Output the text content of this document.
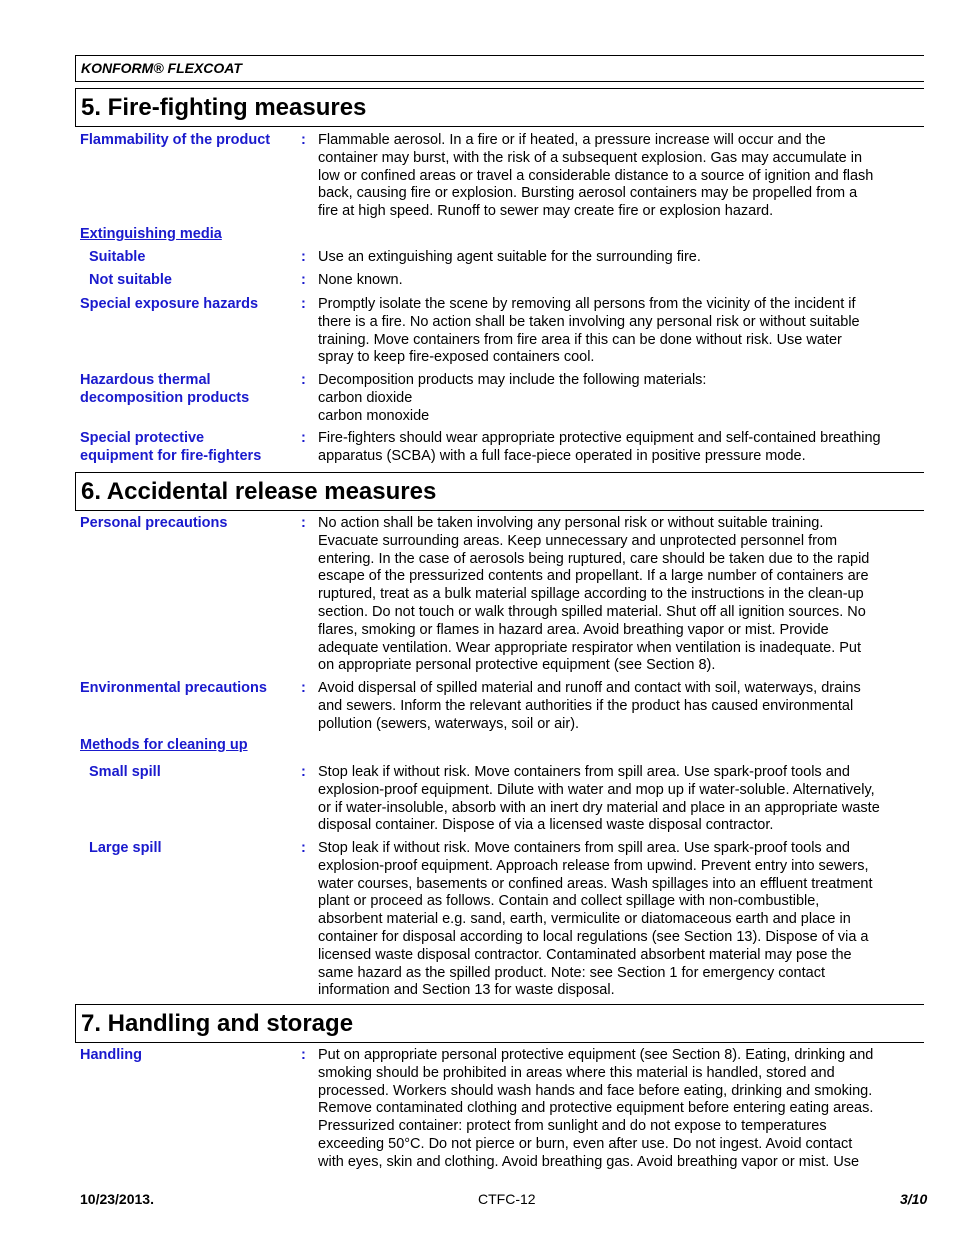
KONFORM® FLEXCOAT
5. Fire-fighting measures
Flammability of the product	: Flammable aerosol. In a fire or if heated, a pressure increase will occur and the
container may burst, with the risk of a subsequent explosion. Gas may accumulate in
low or confined areas or travel a considerable distance to a source of ignition and flash
back, causing fire or explosion. Bursting aerosol containers may be propelled from a
fire at high speed. Runoff to sewer may create fire or explosion hazard.
Extinguishing media
Suitable	: Use an extinguishing agent suitable for the surrounding fire.
Not suitable	: None known.
Special exposure hazards	: Promptly isolate the scene by removing all persons from the vicinity of the incident if
there is a fire. No action shall be taken involving any personal risk or without suitable
training. Move containers from fire area if this can be done without risk. Use water
spray to keep fire-exposed containers cool.
Hazardous thermal
decomposition products
: Decomposition products may include the following materials:
carbon dioxide
carbon monoxide
Special protective
equipment for fire-fighters
: Fire-fighters should wear appropriate protective equipment and self-contained breathing
apparatus (SCBA) with a full face-piece operated in positive pressure mode.
6. Accidental release measures
Personal precautions	: No action shall be taken involving any personal risk or without suitable training.
Evacuate surrounding areas. Keep unnecessary and unprotected personnel from
entering. In the case of aerosols being ruptured, care should be taken due to the rapid
escape of the pressurized contents and propellant. If a large number of containers are
ruptured, treat as a bulk material spillage according to the instructions in the clean-up
section. Do not touch or walk through spilled material. Shut off all ignition sources. No
flares, smoking or flames in hazard area. Avoid breathing vapor or mist. Provide
adequate ventilation. Wear appropriate respirator when ventilation is inadequate. Put
on appropriate personal protective equipment (see Section 8).
Environmental precautions	: Avoid dispersal of spilled material and runoff and contact with soil, waterways, drains
and sewers. Inform the relevant authorities if the product has caused environmental
pollution (sewers, waterways, soil or air).
Methods for cleaning up
Small spill	: Stop leak if without risk. Move containers from spill area. Use spark-proof tools and
explosion-proof equipment. Dilute with water and mop up if water-soluble. Alternatively,
or if water-insoluble, absorb with an inert dry material and place in an appropriate waste
disposal container. Dispose of via a licensed waste disposal contractor.
Large spill	: Stop leak if without risk. Move containers from spill area. Use spark-proof tools and
explosion-proof equipment. Approach release from upwind. Prevent entry into sewers,
water courses, basements or confined areas. Wash spillages into an effluent treatment
plant or proceed as follows. Contain and collect spillage with non-combustible,
absorbent material e.g. sand, earth, vermiculite or diatomaceous earth and place in
container for disposal according to local regulations (see Section 13). Dispose of via a
licensed waste disposal contractor. Contaminated absorbent material may pose the
same hazard as the spilled product. Note: see Section 1 for emergency contact
information and Section 13 for waste disposal.
7. Handling and storage
Handling	: Put on appropriate personal protective equipment (see Section 8). Eating, drinking and
smoking should be prohibited in areas where this material is handled, stored and
processed. Workers should wash hands and face before eating, drinking and smoking.
Remove contaminated clothing and protective equipment before entering eating areas.
Pressurized container: protect from sunlight and do not expose to temperatures
exceeding 50°C. Do not pierce or burn, even after use. Do not ingest. Avoid contact
with eyes, skin and clothing. Avoid breathing gas. Avoid breathing vapor or mist. Use
10/23/2013.	CTFC-12	3/10
